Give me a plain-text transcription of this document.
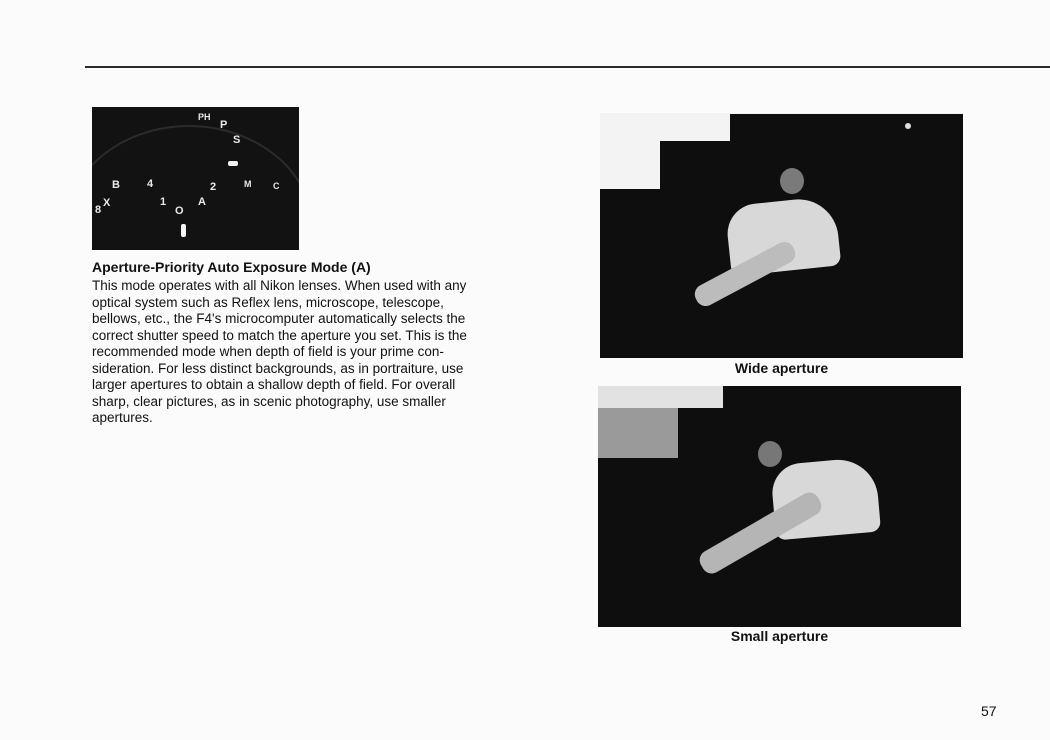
PH
P
S
B
X
8
4	2
1
O
A
M C
Aperture-Priority Auto Exposure Mode (A)
This mode operates with all Nikon lenses. When used with any
optical system such as Reflex lens, microscope, telescope,
bellows, etc., the F4's microcomputer automatically selects the
correct shutter speed to match the aperture you set. This is the
recommended mode when depth of field is your prime con-
sideration. For less distinct backgrounds, as in portraiture, use
larger apertures to obtain a shallow depth of field. For overall
sharp, clear pictures, as in scenic photography, use smaller
apertures.
Wide aperture
Small aperture
57
